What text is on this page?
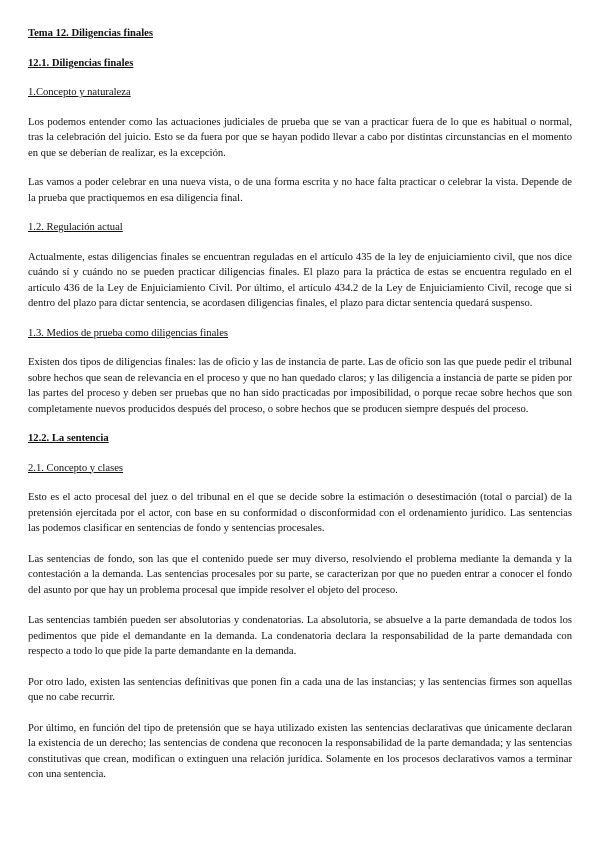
Tema 12. Diligencias finales
12.1. Diligencias finales
1.Concepto y naturaleza

Los podemos entender como las actuaciones judiciales de prueba que se van a practicar fuera de lo que es habitual o normal, tras la celebración del juicio. Esto se da fuera por que se hayan podido llevar a cabo por distintas circunstancias en el momento en que se deberían de realizar, es la excepción.

Las vamos a poder celebrar en una nueva vista, o de una forma escrita y no hace falta practicar o celebrar la vista. Depende de la prueba que practiquemos en esa diligencia final.

1.2. Regulación actual

Actualmente, estas diligencias finales se encuentran reguladas en el artículo 435 de la ley de enjuiciamiento civil, que nos dice cuándo sí y cuándo no se pueden practicar diligencias finales. El plazo para la práctica de estas se encuentra regulado en el artículo 436 de la Ley de Enjuiciamiento Civil. Por último, el artículo 434.2 de la Ley de Enjuiciamiento Civil, recoge que si dentro del plazo para dictar sentencia, se acordasen diligencias finales, el plazo para dictar sentencia quedará suspenso.

1.3. Medios de prueba como diligencias finales

Existen dos tipos de diligencias finales: las de oficio y las de instancia de parte. Las de oficio son las que puede pedir el tribunal sobre hechos que sean de relevancia en el proceso y que no han quedado claros; y las diligencia a instancia de parte se piden por las partes del proceso y deben ser pruebas que no han sido practicadas por imposibilidad, o porque recae sobre hechos que son completamente nuevos producidos después del proceso, o sobre hechos que se producen siempre después del proceso.

12.2. La sentencia
2.1. Concepto y clases

Esto es el acto procesal del juez o del tribunal en el que se decide sobre la estimación o desestimación (total o parcial) de la pretensión ejercitada por el actor, con base en su conformidad o disconformidad con el ordenamiento jurídico. Las sentencias las podemos clasificar en sentencias de fondo y sentencias procesales.

Las sentencias de fondo, son las que el contenido puede ser muy diverso, resolviendo el problema mediante la demanda y la contestación a la demanda. Las sentencias procesales por su parte, se caracterizan por que no pueden entrar a conocer el fondo del asunto por que hay un problema procesal que impide resolver el objeto del proceso.

Las sentencias también pueden ser absolutorias y condenatorias. La absolutoria, se absuelve a la parte demandada de todos los pedimentos que pide el demandante en la demanda. La condenatoria declara la responsabilidad de la parte demandada con respecto a todo lo que pide la parte demandante en la demanda.

Por otro lado, existen las sentencias definitivas que ponen fin a cada una de las instancias; y las sentencias firmes son aquellas que no cabe recurrir.

Por último, en función del tipo de pretensión que se haya utilizado existen las sentencias declarativas que únicamente declaran la existencia de un derecho; las sentencias de condena que reconocen la responsabilidad de la parte demandada; y las sentencias constitutivas que crean, modifican o extinguen una relación jurídica. Solamente en los procesos declarativos vamos a terminar con una sentencia.
